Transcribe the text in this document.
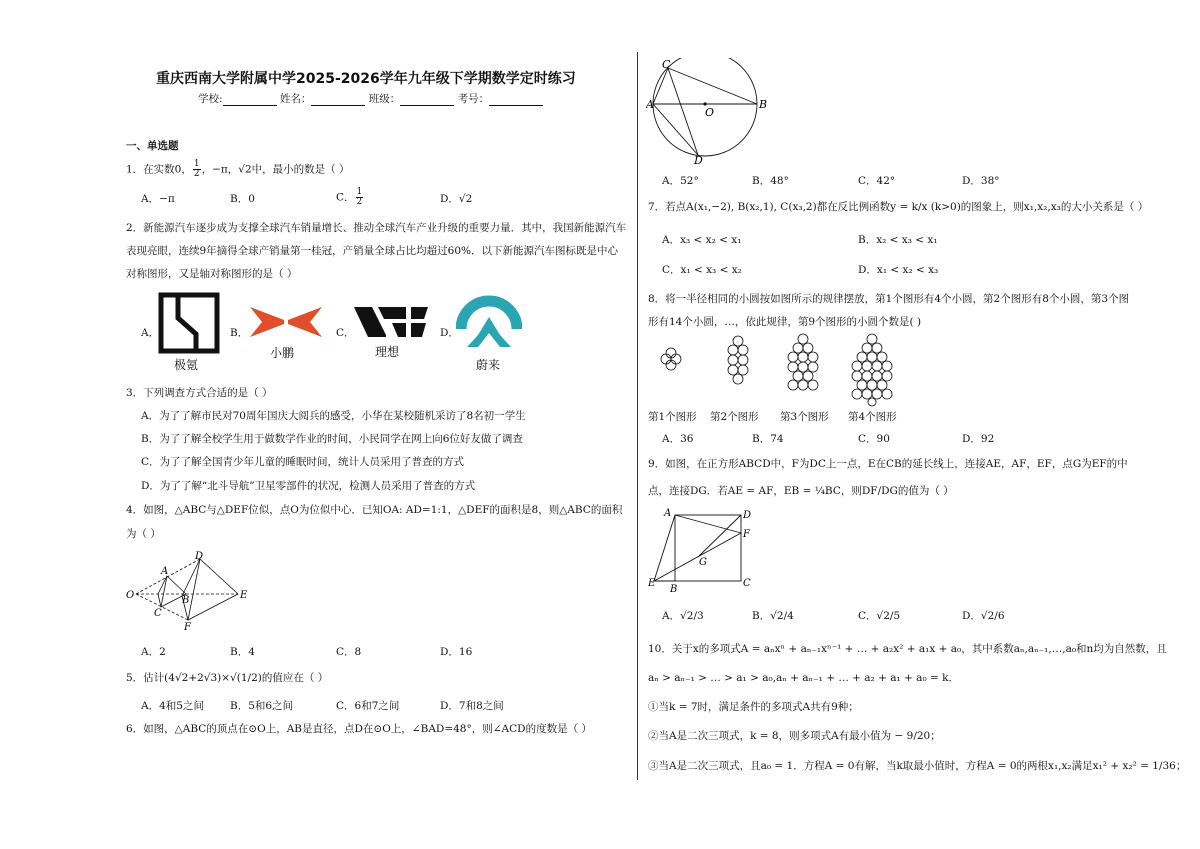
重庆西南大学附属中学2025-2026学年九年级下学期数学定时练习
学校:	姓名：	班级：	考号：
一、单选题
1．在实数0， $\frac{1}{2}$ ，−π，√2中，最小的数是（ ）
A．−π	B．0	C． $\frac{1}{2}$	D．√2
2．新能源汽车逐步成为支撑全球汽车销量增长、推动全球汽车产业升级的重要力量．其中，我国新能源汽车
表现亮眼，连续9年摘得全球产销量第一桂冠，产销量全球占比均超过60%．以下新能源汽车图标既是中心
对称图形，又是轴对称图形的是（ ）
A．
极氪
B．
小鹏
C．
理想
D．
蔚来
3．下列调查方式合适的是（ ）
A．为了了解市民对70周年国庆大阅兵的感受，小华在某校随机采访了8名初一学生
B．为了了解全校学生用于做数学作业的时间，小民同学在网上向6位好友做了调查
C．为了了解全国青少年儿童的睡眠时间，统计人员采用了普查的方式
D．为了了解“北斗导航”卫星零部件的状况，检测人员采用了普查的方式
4．如图，△ABC与△DEF位似，点O为位似中心．已知OA: AD=1:1，△DEF的面积是8，则△ABC的面积
为（ ）
O
A
B
C
D
E
F
A．2	B．4	C．8	D．16
5．估计(4√2+2√3)×√(1/2)的值应在（ ）
A．4和5之间 B．5和6之间	C．6和7之间	D．7和8之间
6．如图，△ABC的顶点在⊙O上，AB是直径，点D在⊙O上，∠BAD=48°，则∠ACD的度数是（ ）
C
A
O
B
D
A．52°	B．48°	C．42°	D．38°
7．若点A(x₁,−2), B(x₂,1), C(x₃,2)都在反比例函数y = k/x (k>0)的图象上，则x₁,x₂,x₃的大小关系是（ ）
A．x₃ < x₂ < x₁	B．x₂ < x₃ < x₁
C．x₁ < x₃ < x₂	D．x₁ < x₂ < x₃
8．将一半径相同的小圆按如图所示的规律摆放，第1个图形有4个小圆，第2个图形有8个小圆，第3个图
形有14个小圆，…，依此规律，第9个图形的小圆个数是( )
第1个图形 第2个图形 第3个图形 第4个图形
A．36	B．74	C．90	D．92
9．如图，在正方形ABCD中，F为DC上一点，E在CB的延长线上，连接AE，AF，EF，点G为EF的中
点，连接DG．若AE = AF，EB = ¼BC，则DF/DG的值为（ ）
A	D
F
G
E
B
C
A．√2/3	B．√2/4	C．√2/5	D．√2/6
10．关于x的多项式A = aₙxⁿ + aₙ₋₁xⁿ⁻¹ + … + a₂x² + a₁x + a₀，其中系数aₙ,aₙ₋₁,…,a₀和n均为自然数，且
aₙ > aₙ₋₁ > … > a₁ > a₀,aₙ + aₙ₋₁ + … + a₂ + a₁ + a₀ = k．
①当k = 7时，满足条件的多项式A共有9种；
②当A是二次三项式，k = 8，则多项式A有最小值为 − 9/20；
③当A是二次三项式，且a₀ = 1．方程A = 0有解，当k取最小值时，方程A = 0的两根x₁,x₂满足x₁² + x₂² = 1/36；
